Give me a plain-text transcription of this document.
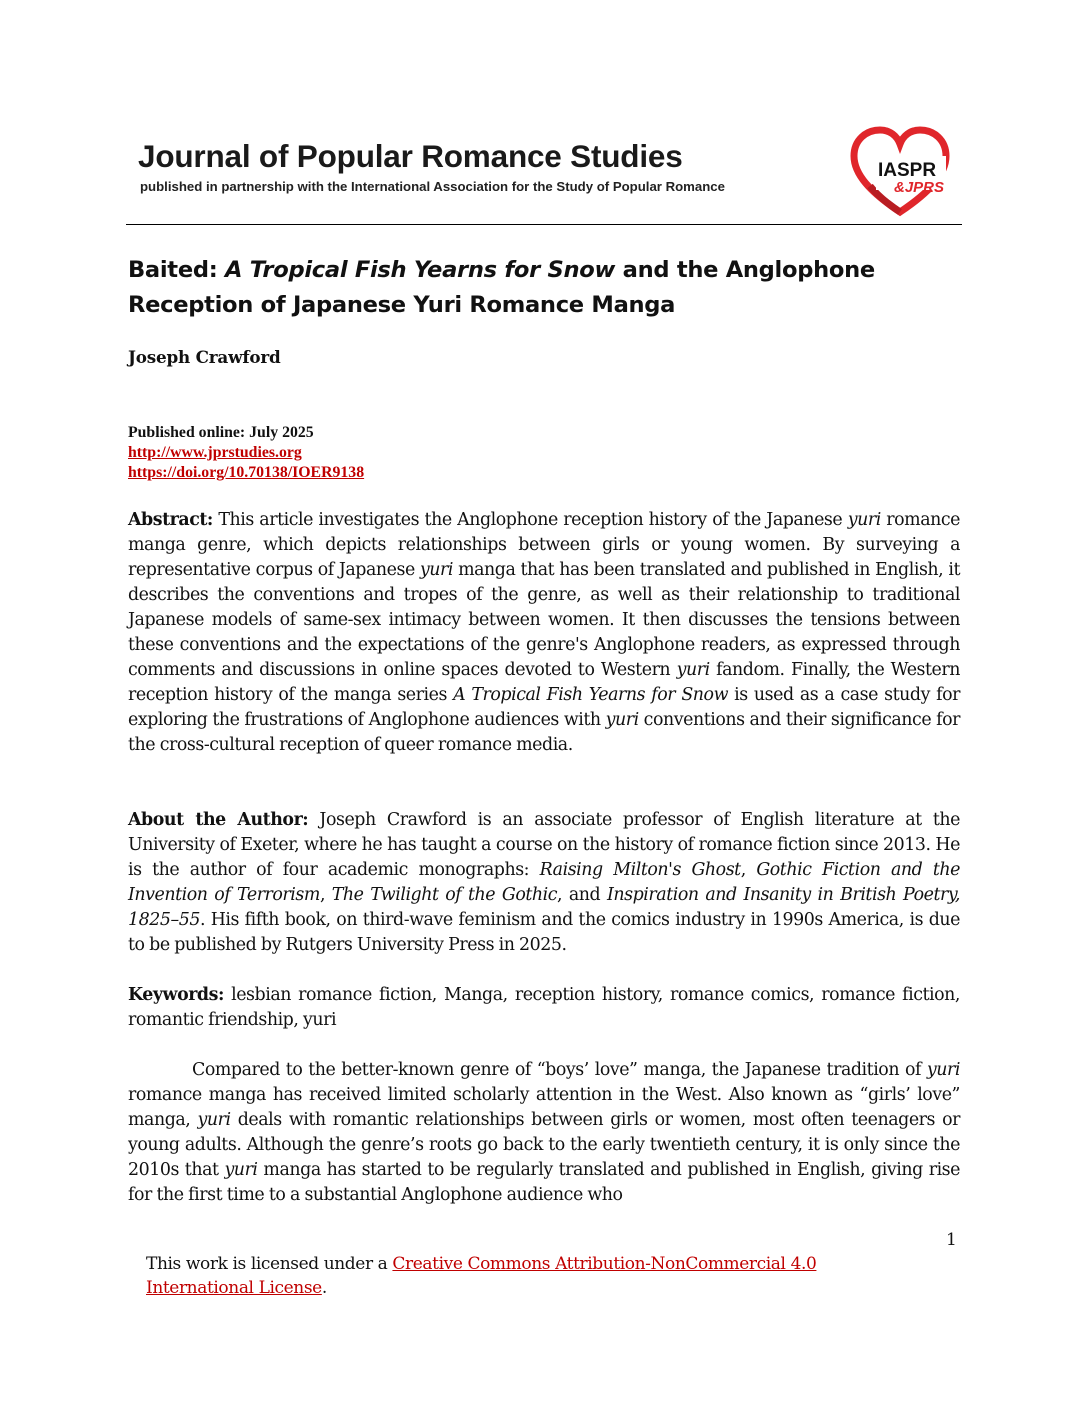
Journal of Popular Romance Studies
published in partnership with the International Association for the Study of Popular Romance
IASPR
&JPRS
Baited: A Tropical Fish Yearns for Snow and the Anglophone Reception of Japanese Yuri Romance Manga
Joseph Crawford
Published online: July 2025
http://www.jprstudies.org
https://doi.org/10.70138/IOER9138

Abstract: This article investigates the Anglophone reception history of the Japanese yuri romance manga genre, which depicts relationships between girls or young women. By surveying a representative corpus of Japanese yuri manga that has been translated and published in English, it describes the conventions and tropes of the genre, as well as their relationship to traditional Japanese models of same-sex intimacy between women. It then discusses the tensions between these conventions and the expectations of the genre's Anglophone readers, as expressed through comments and discussions in online spaces devoted to Western yuri fandom. Finally, the Western reception history of the manga series A Tropical Fish Yearns for Snow is used as a case study for exploring the frustrations of Anglophone audiences with yuri conventions and their significance for the cross-cultural reception of queer romance media.

About the Author: Joseph Crawford is an associate professor of English literature at the University of Exeter, where he has taught a course on the history of romance fiction since 2013. He is the author of four academic monographs: Raising Milton's Ghost, Gothic Fiction and the Invention of Terrorism, The Twilight of the Gothic, and Inspiration and Insanity in British Poetry, 1825–55. His fifth book, on third-wave feminism and the comics industry in 1990s America, is due to be published by Rutgers University Press in 2025.

Keywords: lesbian romance fiction, Manga, reception history, romance comics, romance fiction, romantic friendship, yuri

Compared to the better-known genre of “boys’ love” manga, the Japanese tradition of yuri romance manga has received limited scholarly attention in the West. Also known as “girls’ love” manga, yuri deals with romantic relationships between girls or women, most often teenagers or young adults. Although the genre’s roots go back to the early twentieth century, it is only since the 2010s that yuri manga has started to be regularly translated and published in English, giving rise for the first time to a substantial Anglophone audience who

1
This work is licensed under a Creative Commons Attribution-NonCommercial 4.0 International License.
